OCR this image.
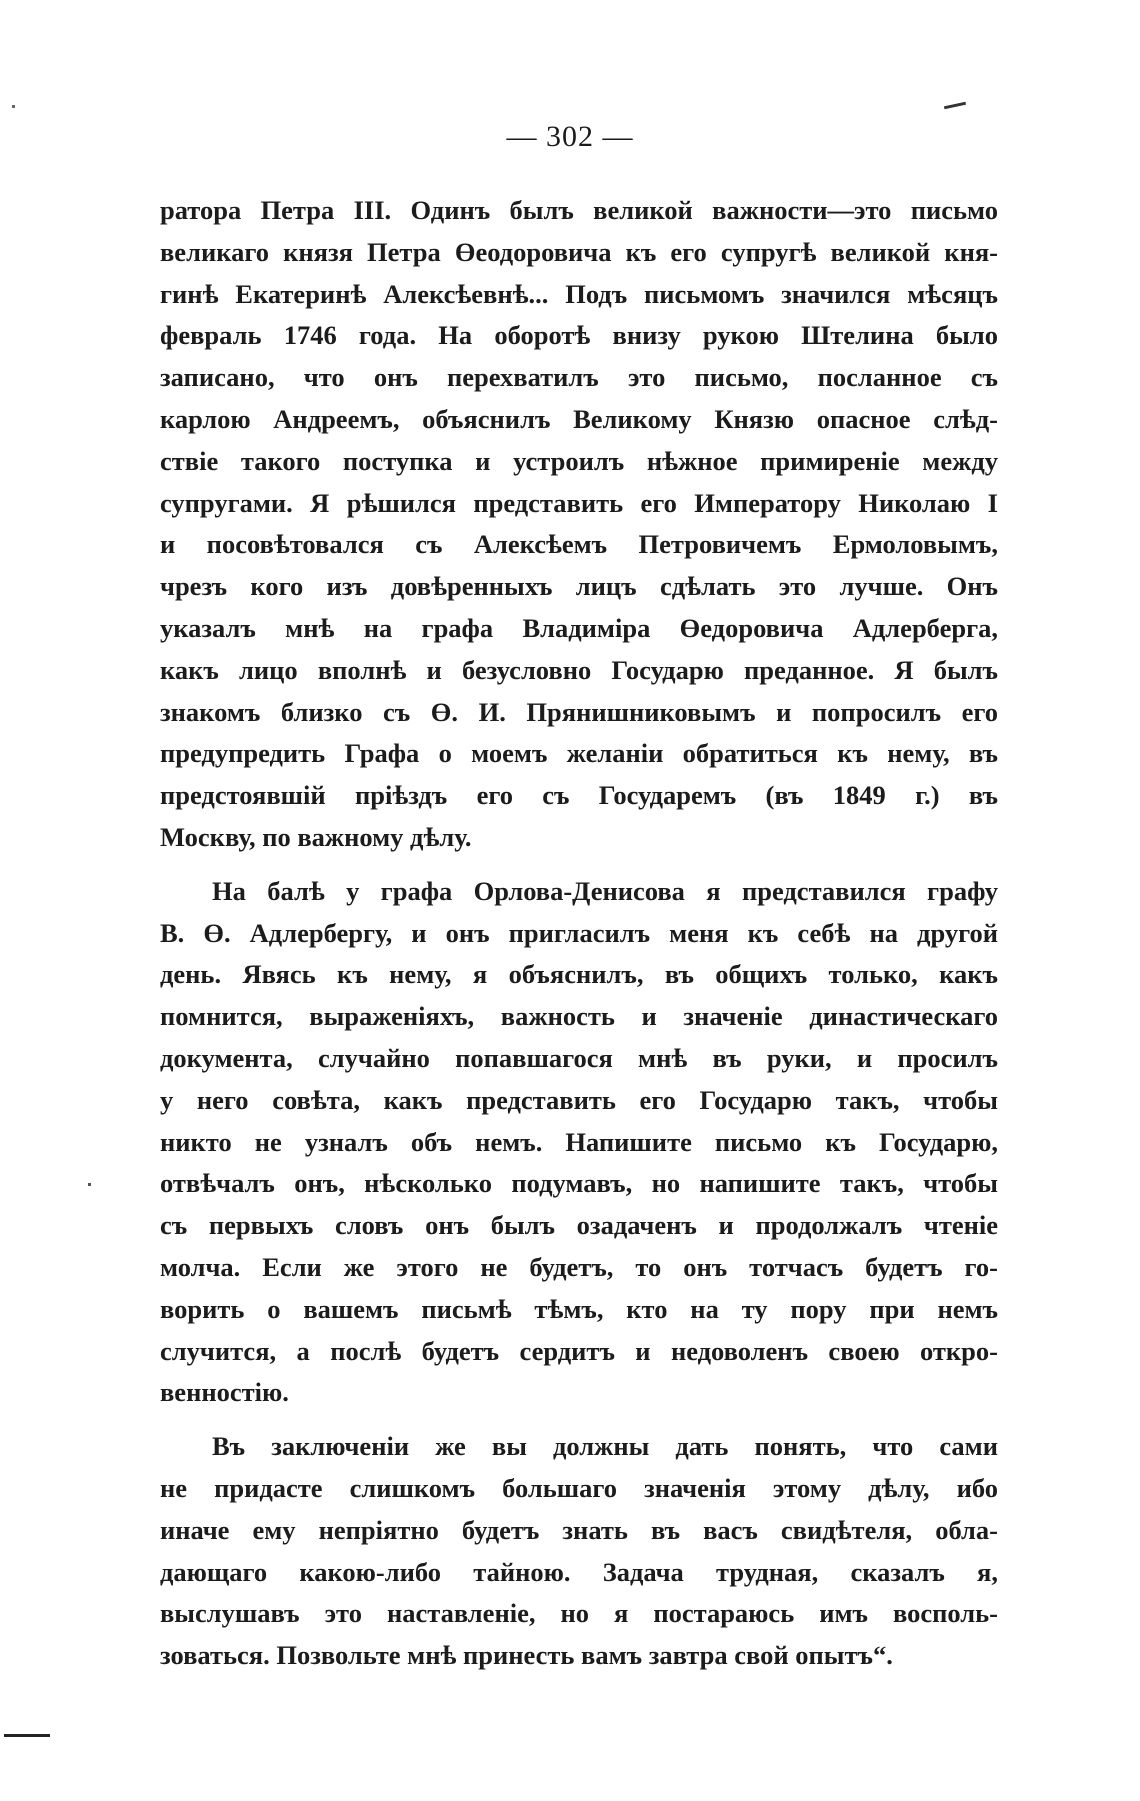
— 302 —
ратора Петра III. Одинъ былъ великой важности—это письмо
великаго князя Петра Өеодоровича къ его супругѣ великой кня-
гинѣ Екатеринѣ Алексѣевнѣ... Подъ письмомъ значился мѣсяцъ
февраль 1746 года. На оборотѣ внизу рукою Штелина было
записано, что онъ перехватилъ это письмо, посланное съ
карлою Андреемъ, объяснилъ Великому Князю опасное слѣд-
ствіе такого поступка и устроилъ нѣжное примиреніе между
супругами. Я рѣшился представить его Императору Николаю I
и посовѣтовался съ Алексѣемъ Петровичемъ Ермоловымъ,
чрезъ кого изъ довѣренныхъ лицъ сдѣлать это лучше. Онъ
указалъ мнѣ на графа Владиміра Өедоровича Адлерберга,
какъ лицо вполнѣ и безусловно Государю преданное. Я былъ
знакомъ близко съ Ө. И. Прянишниковымъ и попросилъ его
предупредить Графа о моемъ желаніи обратиться къ нему, въ
предстоявшій пріѣздъ его съ Государемъ (въ 1849 г.) въ
Москву, по важному дѣлу.
На балѣ у графа Орлова-Денисова я представился графу
В. Ө. Адлербергу, и онъ пригласилъ меня къ себѣ на другой
день. Явясь къ нему, я объяснилъ, въ общихъ только, какъ
помнится, выраженіяхъ, важность и значеніе династическаго
документа, случайно попавшагося мнѣ въ руки, и просилъ
у него совѣта, какъ представить его Государю такъ, чтобы
никто не узналъ объ немъ. Напишите письмо къ Государю,
отвѣчалъ онъ, нѣсколько подумавъ, но напишите такъ, чтобы
съ первыхъ словъ онъ былъ озадаченъ и продолжалъ чтеніе
молча. Если же этого не будетъ, то онъ тотчасъ будетъ го-
ворить о вашемъ письмѣ тѣмъ, кто на ту пору при немъ
случится, а послѣ будетъ сердитъ и недоволенъ своею откро-
венностію.
Въ заключеніи же вы должны дать понять, что сами
не придасте слишкомъ большаго значенія этому дѣлу, ибо
иначе ему непріятно будетъ знать въ васъ свидѣтеля, обла-
дающаго какою-либо тайною. Задача трудная, сказалъ я,
выслушавъ это наставленіе, но я постараюсь имъ восполь-
зоваться. Позвольте мнѣ принесть вамъ завтра свой опытъ“.
